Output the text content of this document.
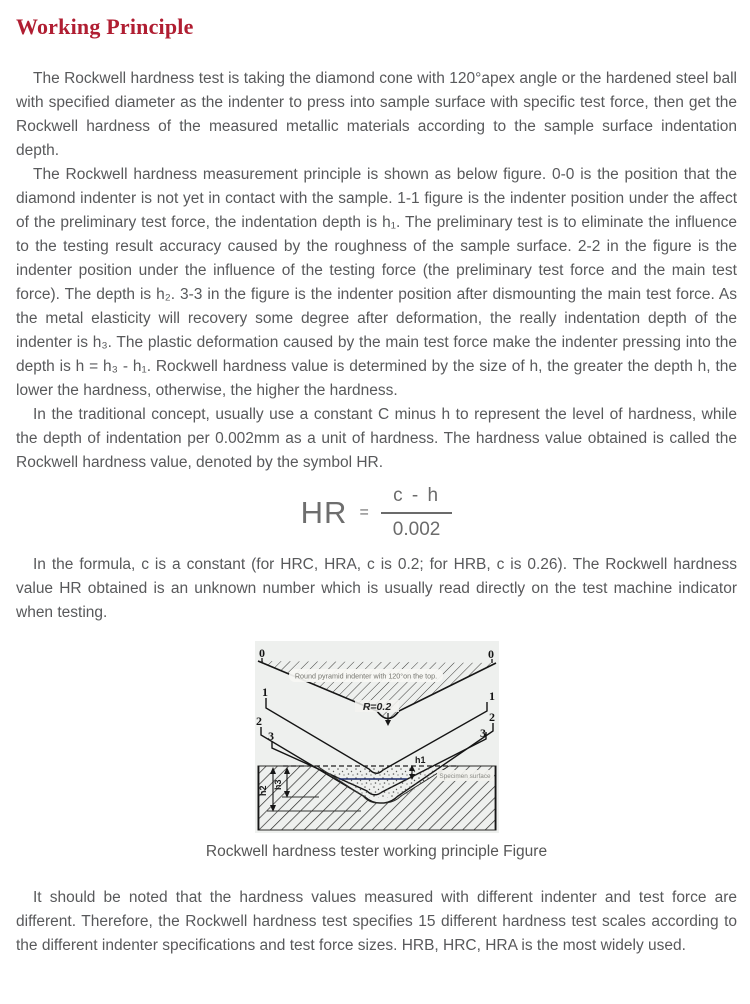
Working Principle

The Rockwell hardness test is taking the diamond cone with 120°apex angle or the hardened steel ball with specified diameter as the indenter to press into sample surface with specific test force, then get the Rockwell hardness of the measured metallic materials according to the sample surface indentation depth.

The Rockwell hardness measurement principle is shown as below figure. 0-0 is the position that the diamond indenter is not yet in contact with the sample. 1-1 figure is the indenter position under the affect of the preliminary test force, the indentation depth is h₁. The preliminary test is to eliminate the influence to the testing result accuracy caused by the roughness of the sample surface. 2-2 in the figure is the indenter position under the influence of the testing force (the preliminary test force and the main test force). The depth is h₂. 3-3 in the figure is the indenter position after dismounting the main test force. As the metal elasticity will recovery some degree after deformation, the really indentation depth of the indenter is h₃. The plastic deformation caused by the main test force make the indenter pressing into the depth is h = h₃ - h₁. Rockwell hardness value is determined by the size of h, the greater the depth h, the lower the hardness, otherwise, the higher the hardness.

In the traditional concept, usually use a constant C minus h to represent the level of hardness, while the depth of indentation per 0.002mm as a unit of hardness. The hardness value obtained is called the Rockwell hardness value, denoted by the symbol HR.

HR = $\frac{c - h}{0.002}$

In the formula, c is a constant (for HRC, HRA, c is 0.2; for HRB, c is 0.26). The Rockwell hardness value HR obtained is an unknown number which is usually read directly on the test machine indicator when testing.

Round pyramid indenter with 120°on the top.
R=0.2
0	0
1	1
2	2
3	3
h1
h2
h3
Specimen surface

Rockwell hardness tester working principle Figure

It should be noted that the hardness values measured with different indenter and test force are different. Therefore, the Rockwell hardness test specifies 15 different hardness test scales according to the different indenter specifications and test force sizes. HRB, HRC, HRA is the most widely used.
